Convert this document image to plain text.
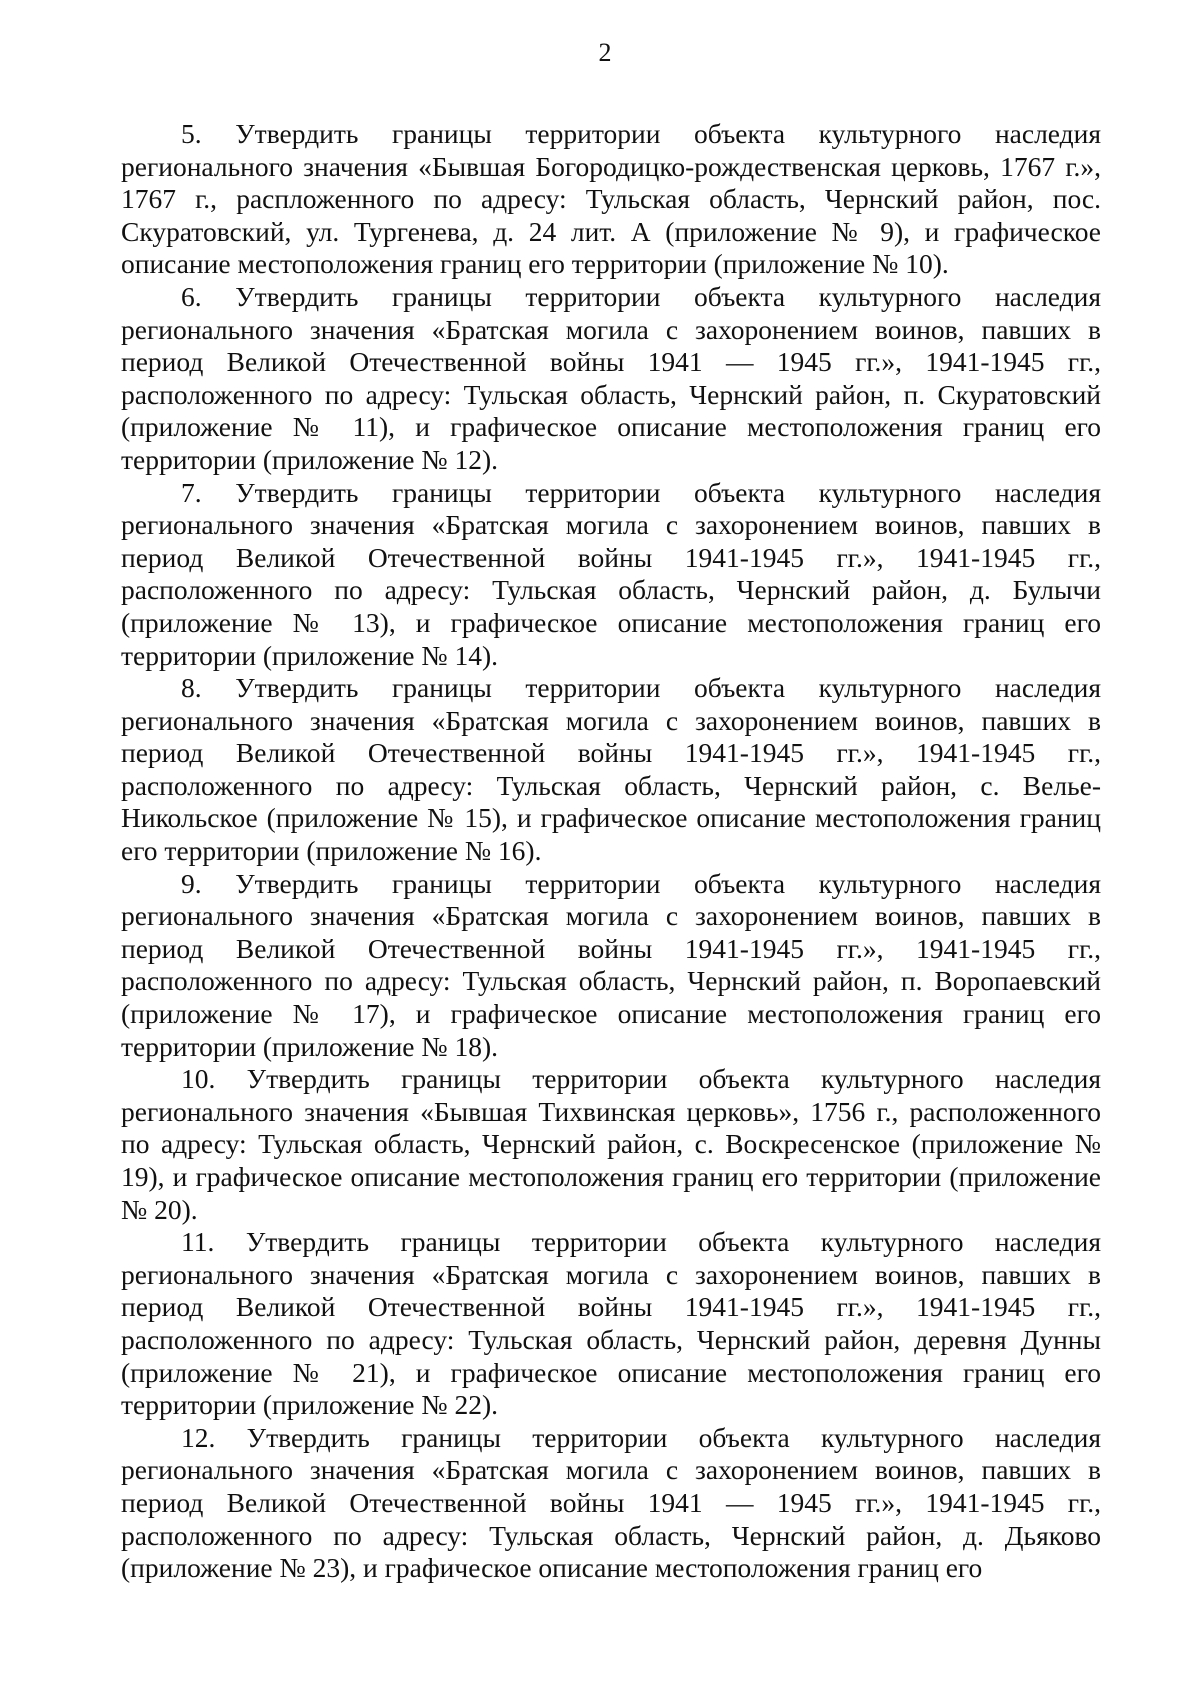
2

5. Утвердить границы территории объекта культурного наследия регионального значения «Бывшая Богородицко-рождественская церковь, 1767 г.», 1767 г., распложенного по адресу: Тульская область, Чернский район, пос. Скуратовский, ул. Тургенева, д. 24 лит. А (приложение № 9), и графическое описание местоположения границ его территории (приложение № 10).

6. Утвердить границы территории объекта культурного наследия регионального значения «Братская могила с захоронением воинов, павших в период Великой Отечественной войны 1941 — 1945 гг.», 1941-1945 гг., расположенного по адресу: Тульская область, Чернский район, п. Скуратовский (приложение № 11), и графическое описание местоположения границ его территории (приложение № 12).

7. Утвердить границы территории объекта культурного наследия регионального значения «Братская могила с захоронением воинов, павших в период Великой Отечественной войны 1941-1945 гг.», 1941-1945 гг., расположенного по адресу: Тульская область, Чернский район, д. Булычи (приложение № 13), и графическое описание местоположения границ его территории (приложение № 14).

8. Утвердить границы территории объекта культурного наследия регионального значения «Братская могила с захоронением воинов, павших в период Великой Отечественной войны 1941-1945 гг.», 1941-1945 гг., расположенного по адресу: Тульская область, Чернский район, с. Велье-Никольское (приложение № 15), и графическое описание местоположения границ его территории (приложение № 16).

9. Утвердить границы территории объекта культурного наследия регионального значения «Братская могила с захоронением воинов, павших в период Великой Отечественной войны 1941-1945 гг.», 1941-1945 гг., расположенного по адресу: Тульская область, Чернский район, п. Воропаевский (приложение № 17), и графическое описание местоположения границ его территории (приложение № 18).

10. Утвердить границы территории объекта культурного наследия регионального значения «Бывшая Тихвинская церковь», 1756 г., расположенного по адресу: Тульская область, Чернский район, с. Воскресенское (приложение № 19), и графическое описание местоположения границ его территории (приложение № 20).

11. Утвердить границы территории объекта культурного наследия регионального значения «Братская могила с захоронением воинов, павших в период Великой Отечественной войны 1941-1945 гг.», 1941-1945 гг., расположенного по адресу: Тульская область, Чернский район, деревня Дунны (приложение № 21), и графическое описание местоположения границ его территории (приложение № 22).

12. Утвердить границы территории объекта культурного наследия регионального значения «Братская могила с захоронением воинов, павших в период Великой Отечественной войны 1941 — 1945 гг.», 1941-1945 гг., расположенного по адресу: Тульская область, Чернский район, д. Дьяково (приложение № 23), и графическое описание местоположения границ его
